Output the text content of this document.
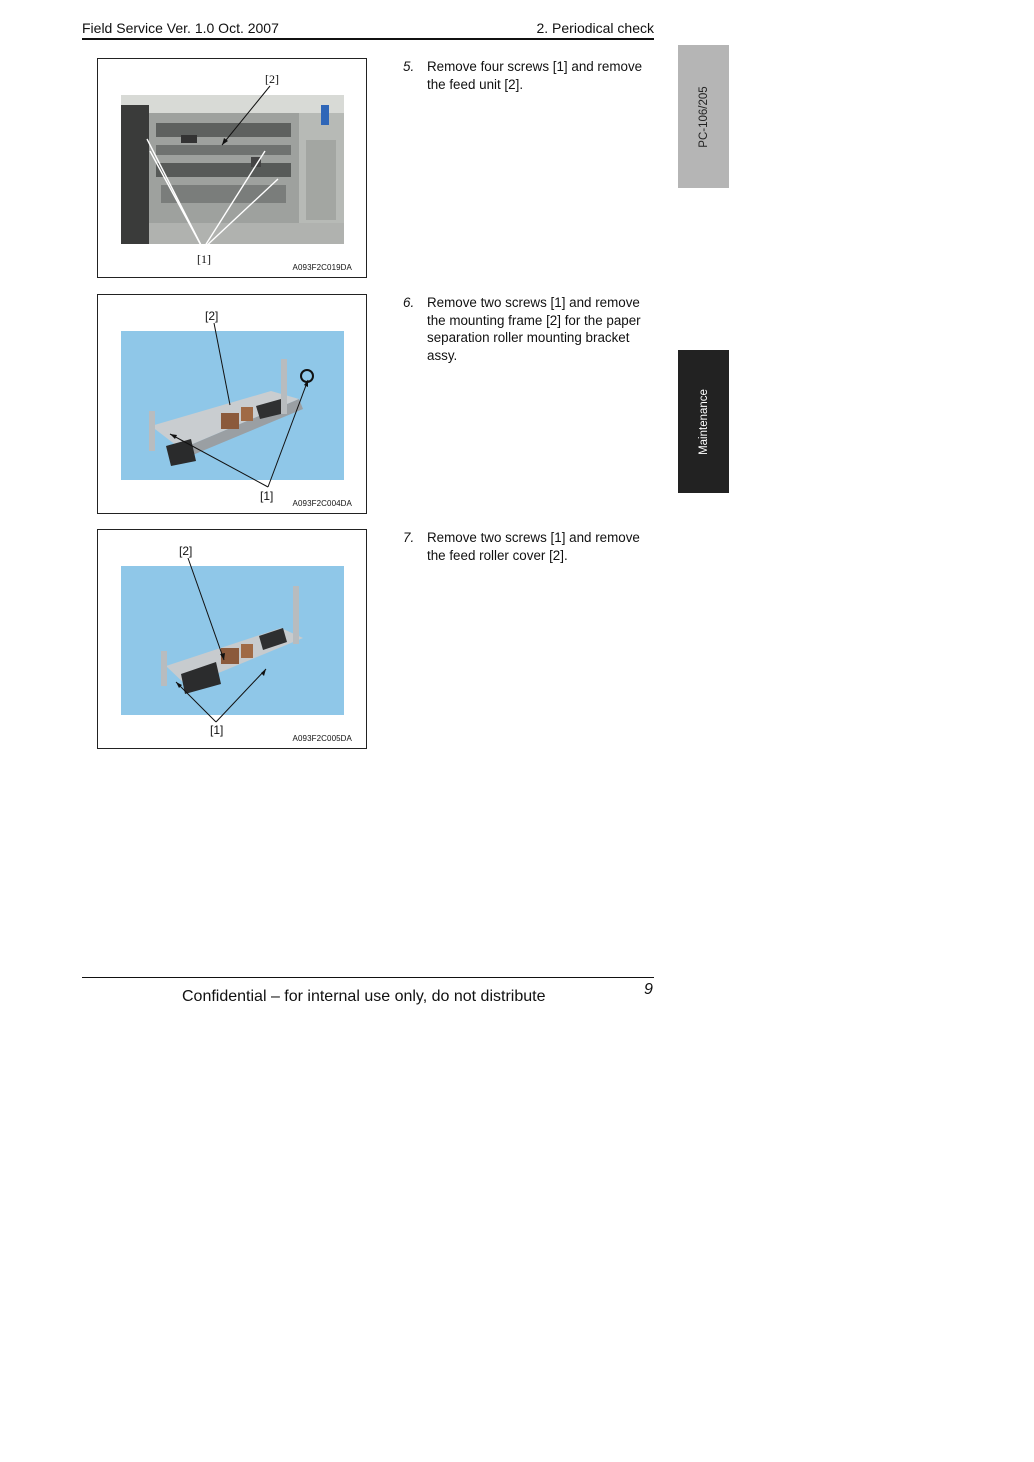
Field Service Ver. 1.0 Oct. 2007	2. Periodical check
[2]
[1]
A093F2C019DA
5. Remove four screws [1] and remove the feed unit [2].
[2]
[1]
A093F2C004DA
6. Remove two screws [1] and remove the mounting frame [2] for the paper separation roller mounting bracket assy.
[2]
[1]
A093F2C005DA
7. Remove two screws [1] and remove the feed roller cover [2].
PC-106/205
Maintenance
Confidential – for internal use only, do not distribute	9
